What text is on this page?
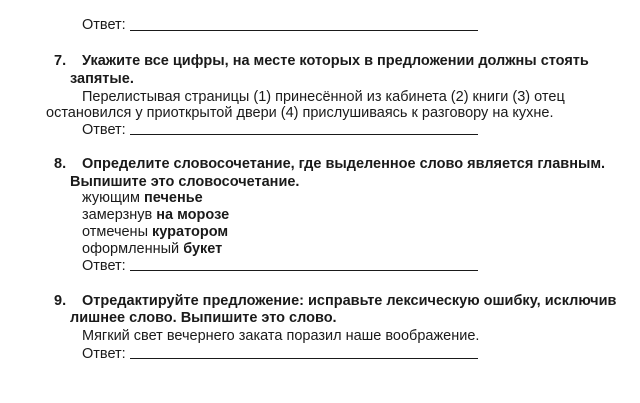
Ответ:
7. Укажите все цифры, на месте которых в предложении должны стоять
запятые.
Перелистывая страницы (1) принесённой из кабинета (2) книги (3) отец
остановился у приоткрытой двери (4) прислушиваясь к разговору на кухне.
Ответ:
8. Определите словосочетание, где выделенное слово является главным.
Выпишите это словосочетание.
жующим печенье
замерзнув на морозе
отмечены куратором
оформленный букет
Ответ:
9. Отредактируйте предложение: исправьте лексическую ошибку, исключив
лишнее слово. Выпишите это слово.
Мягкий свет вечернего заката поразил наше воображение.
Ответ:
